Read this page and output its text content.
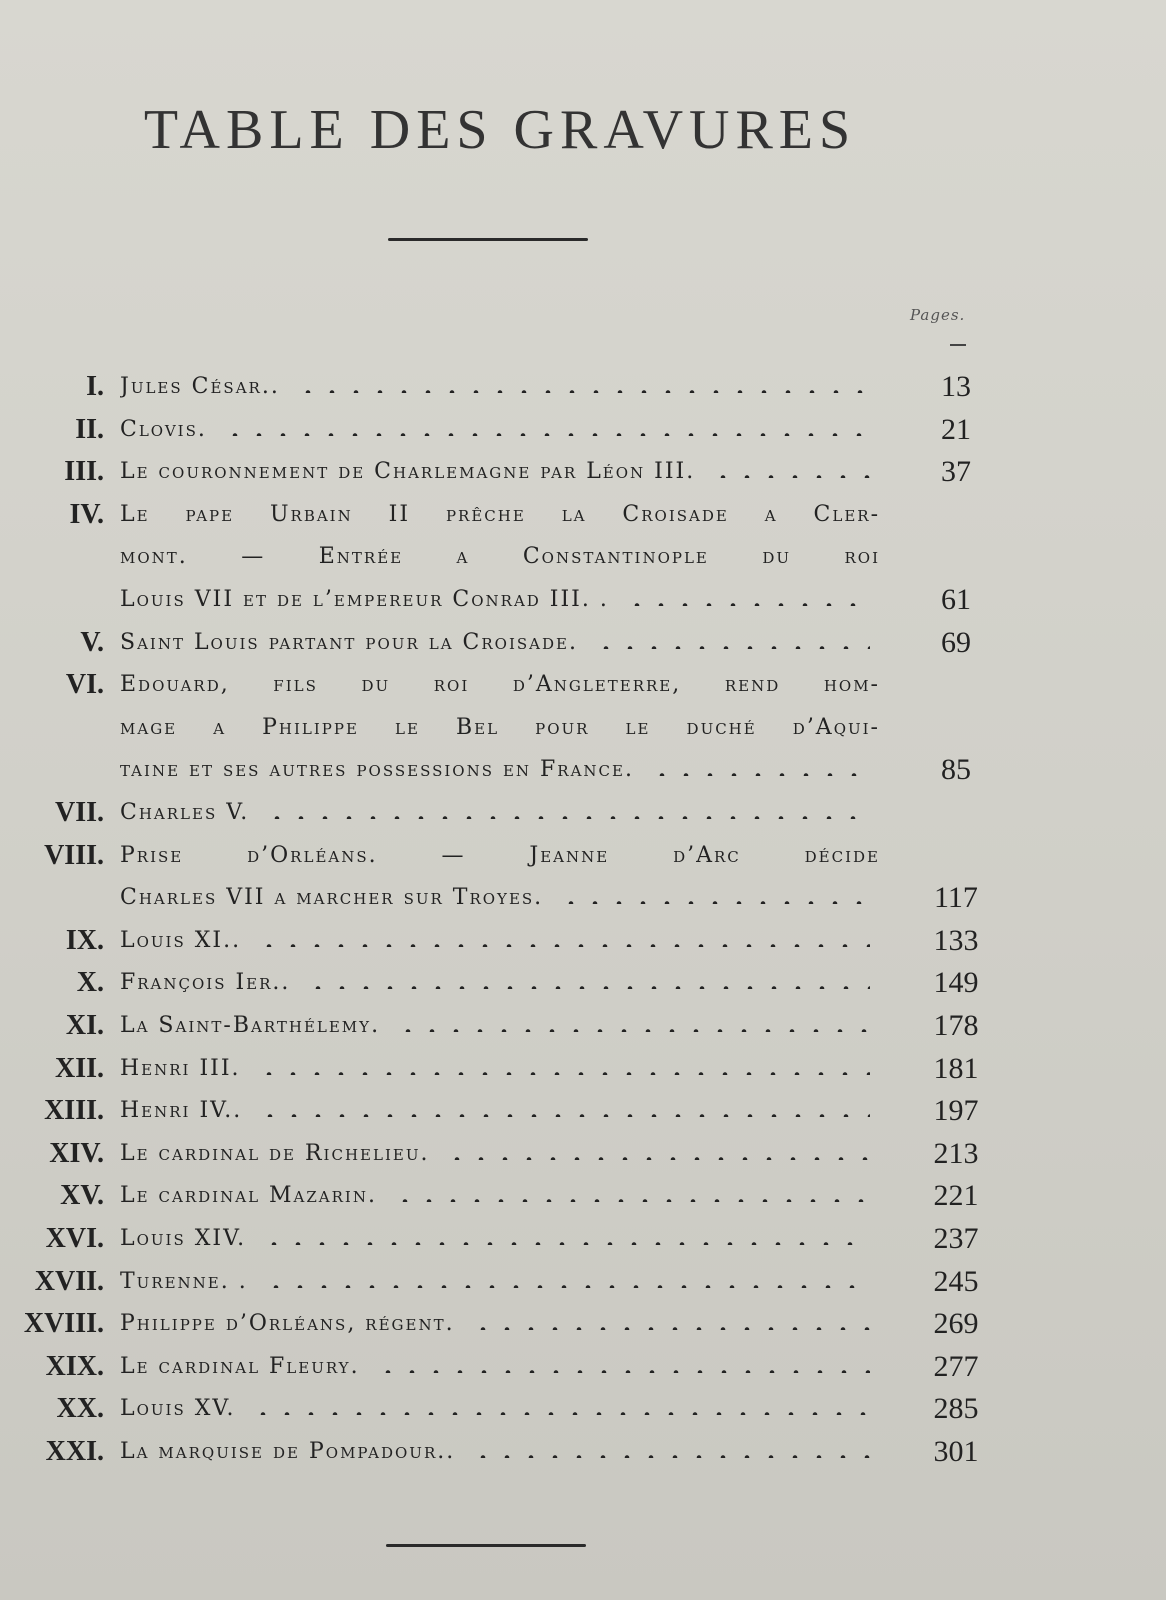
TABLE DES GRAVURES
Pages.
I. Jules César..	13
II. Clovis.	21
III. Le couronnement de Charlemagne par Léon III.	37
IV. Le pape Urbain II prêche la Croisade a Cler-
mont. — Entrée a Constantinople du roi
Louis VII et de l’empereur Conrad III. .	61
V. Saint Louis partant pour la Croisade.	69
VI. Edouard, fils du roi d’Angleterre, rend hom-
mage a Philippe le Bel pour le duché d’Aqui-
taine et ses autres possessions en France.	85
VII. Charles V.
VIII. Prise d’Orléans. — Jeanne d’Arc décide
Charles VII a marcher sur Troyes.	117
IX. Louis XI..	133
X. François Ier..	149
XI. La Saint-Barthélemy.	178
XII. Henri III.	181
XIII. Henri IV..	197
XIV. Le cardinal de Richelieu.	213
XV. Le cardinal Mazarin.	221
XVI. Louis XIV.	237
XVII. Turenne. .	245
XVIII. Philippe d’Orléans, régent.	269
XIX. Le cardinal Fleury.	277
XX. Louis XV.	285
XXI. La marquise de Pompadour..	301
